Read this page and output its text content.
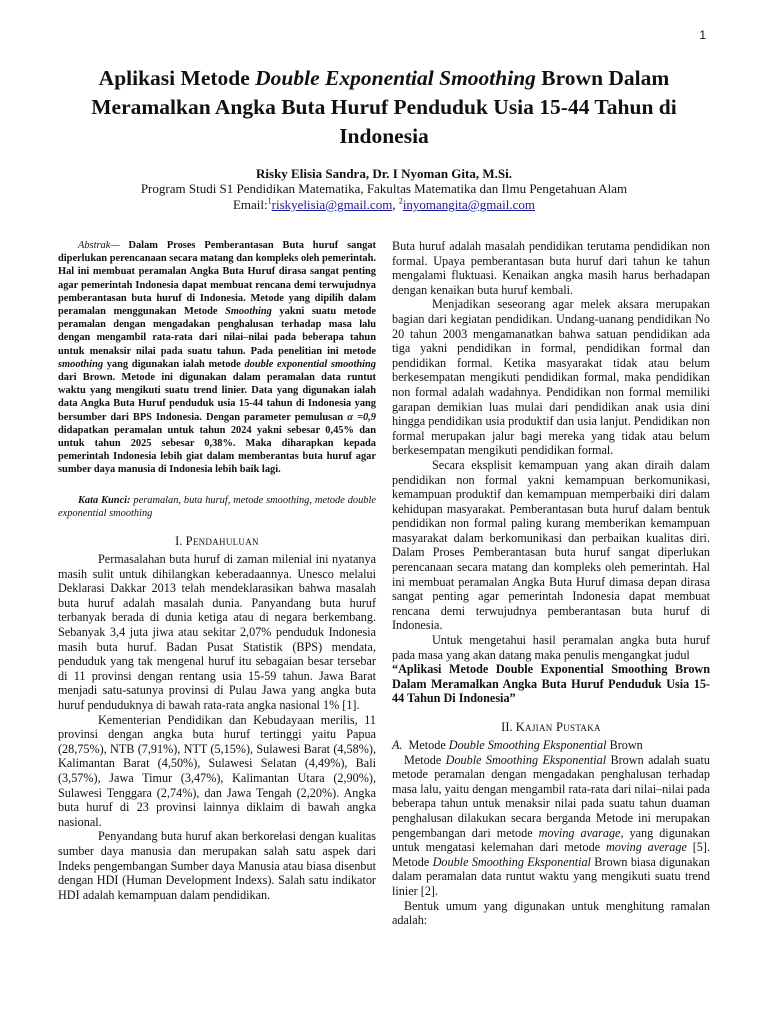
1
Aplikasi Metode Double Exponential Smoothing Brown Dalam Meramalkan Angka Buta Huruf Penduduk Usia 15-44 Tahun di Indonesia
Risky Elisia Sandra, Dr. I Nyoman Gita, M.Si.
Program Studi S1 Pendidikan Matematika, Fakultas Matematika dan Ilmu Pengetahuan Alam
Email:$^1$riskyelisia@gmail.com, $^2$inyomangita@gmail.com

Abstrak— Dalam Proses Pemberantasan Buta huruf sangat diperlukan perencanaan secara matang dan kompleks oleh pemerintah. Hal ini membuat peramalan Angka Buta Huruf dirasa sangat penting agar pemerintah Indonesia dapat membuat rencana demi terwujudnya pemberantasan buta huruf di Indonesia. Metode yang dipilih dalam peramalan menggunakan Metode Smoothing yakni suatu metode peramalan dengan mengadakan penghalusan terhadap masa lalu dengan mengambil rata-rata dari nilai–nilai pada beberapa tahun untuk menaksir nilai pada suatu tahun. Pada penelitian ini metode smoothing yang digunakan ialah metode double exponential smoothing dari Brown. Metode ini digunakan dalam peramalan data runtut waktu yang mengikuti suatu trend linier. Data yang digunakan ialah data Angka Buta Huruf penduduk usia 15-44 tahun di Indonesia yang bersumber dari BPS Indonesia. Dengan parameter pemulusan α =0,9 didapatkan peramalan untuk tahun 2024 yakni sebesar 0,45% dan untuk tahun 2025 sebesar 0,38%. Maka diharapkan kepada pemerintah Indonesia lebih giat dalam memberantas buta huruf agar sumber daya manusia di Indonesia lebih baik lagi.

Kata Kunci: peramalan, buta huruf, metode smoothing, metode double exponential smoothing

I. Pendahuluan

Permasalahan buta huruf di zaman milenial ini nyatanya masih sulit untuk dihilangkan keberadaannya. Unesco melalui Deklarasi Dakkar 2013 telah mendeklarasikan bahwa masalah buta huruf adalah masalah dunia. Panyandang buta huruf terbanyak berada di dunia ketiga atau di negara berkembang. Sebanyak 3,4 juta jiwa atau sekitar 2,07% penduduk Indonesia masih buta huruf. Badan Pusat Statistik (BPS) mendata, penduduk yang tak mengenal huruf itu sebagaian besar tersebar di 11 provinsi dengan rentang usia 15-59 tahun. Jawa Barat menjadi satu-satunya provinsi di Pulau Jawa yang angka buta huruf penduduknya di bawah rata-rata angka nasional 1% [1].

Kementerian Pendidikan dan Kebudayaan merilis, 11 provinsi dengan angka buta huruf tertinggi yaitu Papua (28,75%), NTB (7,91%), NTT (5,15%), Sulawesi Barat (4,58%), Kalimantan Barat (4,50%), Sulawesi Selatan (4,49%), Bali (3,57%), Jawa Timur (3,47%), Kalimantan Utara (2,90%), Sulawesi Tenggara (2,74%), dan Jawa Tengah (2,20%). Angka buta huruf di 23 provinsi lainnya diklaim di bawah angka nasional.

Penyandang buta huruf akan berkorelasi dengan kualitas sumber daya manusia dan merupakan salah satu aspek dari Indeks pengembangan Sumber daya Manusia atau biasa disenbut dengan HDI (Human Development Indexs). Salah satu indikator HDI adalah kemampuan dalam pendidikan.

Buta huruf adalah masalah pendidikan terutama pendidikan non formal. Upaya pemberantasan buta huruf dari tahun ke tahun mengalami fluktuasi. Kenaikan angka masih harus berhadapan dengan kenaikan buta huruf kembali.

Menjadikan seseorang agar melek aksara merupakan bagian dari kegiatan pendidikan. Undang-uanang pendidikan No 20 tahun 2003 mengamanatkan bahwa satuan pendidikan ada tiga yakni pendidikan in formal, pendidikan formal dan pendidikan formal. Ketika masyarakat tidak atau belum berkesempatan mengikuti pendidikan formal, maka pendidikan non formal adalah wadahnya. Pendidikan non formal memiliki garapan demikian luas mulai dari pendidikan anak usia dini hingga pendidikan usia produktif dan usia lanjut. Pendidikan non formal merupakan jalur bagi mereka yang tidak atau belum berkesempatan mengikuti pendidikan formal.

Secara eksplisit kemampuan yang akan diraih dalam pendidikan non formal yakni kemampuan berkomunikasi, kemampuan produktif dan kemampuan memperbaiki diri dalam kehidupan masyarakat. Pemberantasan buta huruf dalam bentuk pendidikan non formal paling kurang memberikan kemampuan masyarakat dalam berkomunikasi dan perbaikan kualitas diri. Dalam Proses Pemberantasan buta huruf sangat diperlukan perencanaan secara matang dan kompleks oleh pemerintah. Hal ini membuat peramalan Angka Buta Huruf dimasa depan dirasa sangat penting agar pemerintah Indonesia dapat membuat rencana demi terwujudnya pemberantasan buta huruf di Indonesia.

Untuk mengetahui hasil peramalan angka buta huruf pada masa yang akan datang maka penulis mengangkat judul

“Aplikasi Metode Double Exponential Smoothing Brown Dalam Meramalkan Angka Buta Huruf Penduduk Usia 15-44 Tahun Di Indonesia”

II. Kajian Pustaka

A. Metode Double Smoothing Eksponential Brown

Metode Double Smoothing Eksponential Brown adalah suatu metode peramalan dengan mengadakan penghalusan terhadap masa lalu, yaitu dengan mengambil rata-rata dari nilai–nilai pada beberapa tahun untuk menaksir nilai pada suatu tahun duaman penghalusan dilakukan secara berganda Metode ini merupakan pengembangan dari metode moving avarage, yang digunakan untuk mengatasi kelemahan dari metode moving average [5]. Metode Double Smoothing Eksponential Brown biasa digunakan dalam peramalan data runtut waktu yang mengikuti suatu trend linier [2].

Bentuk umum yang digunakan untuk menghitung ramalan adalah:
